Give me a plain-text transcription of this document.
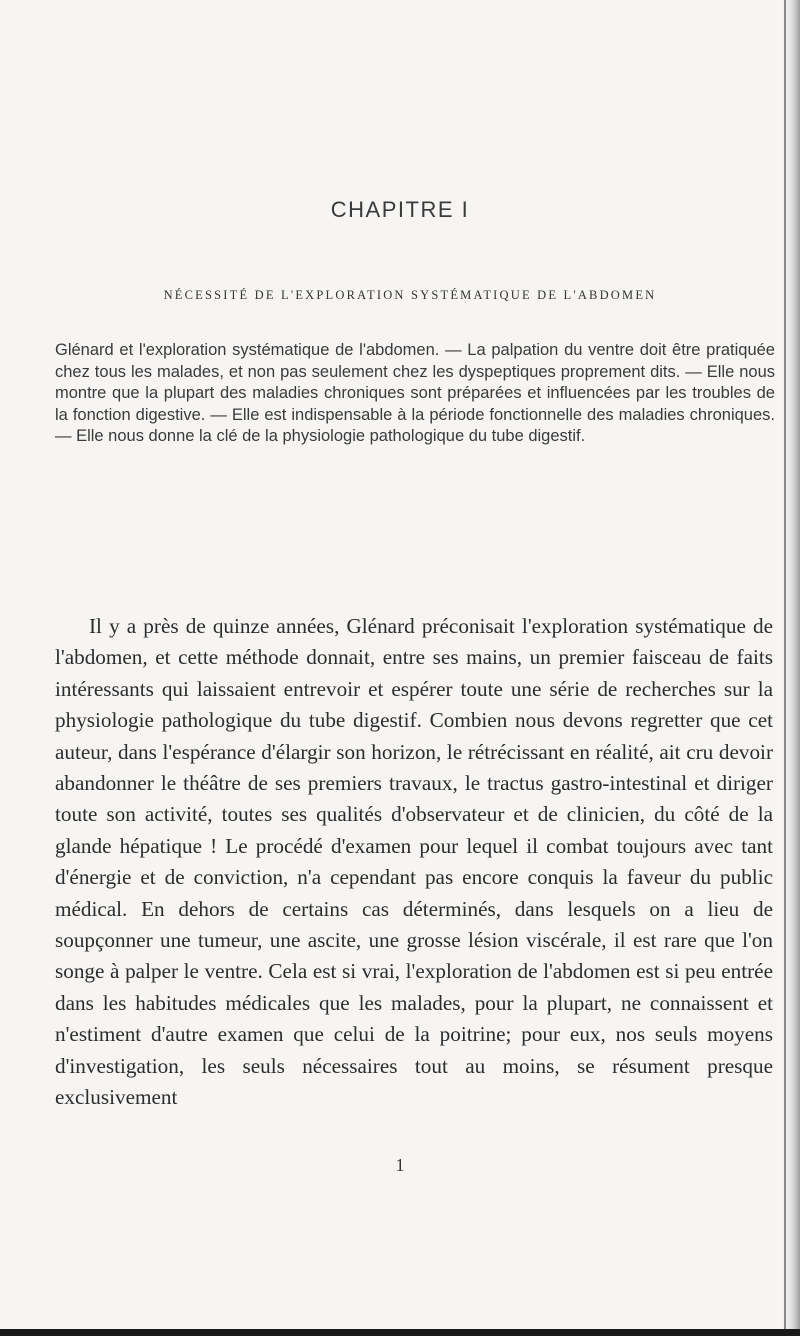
CHAPITRE I
NÉCESSITÉ DE L'EXPLORATION SYSTÉMATIQUE DE L'ABDOMEN
Glénard et l'exploration systématique de l'abdomen. — La palpation du ventre doit être pratiquée chez tous les malades, et non pas seulement chez les dyspeptiques proprement dits. — Elle nous montre que la plupart des maladies chroniques sont préparées et influencées par les troubles de la fonction digestive. — Elle est indispensable à la période fonctionnelle des maladies chroniques. — Elle nous donne la clé de la physiologie pathologique du tube digestif.
Il y a près de quinze années, Glénard préconisait l'exploration systématique de l'abdomen, et cette méthode donnait, entre ses mains, un premier faisceau de faits intéressants qui laissaient entrevoir et espérer toute une série de recherches sur la physiologie pathologique du tube digestif. Combien nous devons regretter que cet auteur, dans l'espérance d'élargir son horizon, le rétrécissant en réalité, ait cru devoir abandonner le théâtre de ses premiers travaux, le tractus gastro-intestinal et diriger toute son activité, toutes ses qualités d'observateur et de clinicien, du côté de la glande hépatique ! Le procédé d'examen pour lequel il combat toujours avec tant d'énergie et de conviction, n'a cependant pas encore conquis la faveur du public médical. En dehors de certains cas déterminés, dans lesquels on a lieu de soupçonner une tumeur, une ascite, une grosse lésion viscérale, il est rare que l'on songe à palper le ventre. Cela est si vrai, l'exploration de l'abdomen est si peu entrée dans les habitudes médicales que les malades, pour la plupart, ne connaissent et n'estiment d'autre examen que celui de la poitrine; pour eux, nos seuls moyens d'investigation, les seuls nécessaires tout au moins, se résument presque exclusivement
1
